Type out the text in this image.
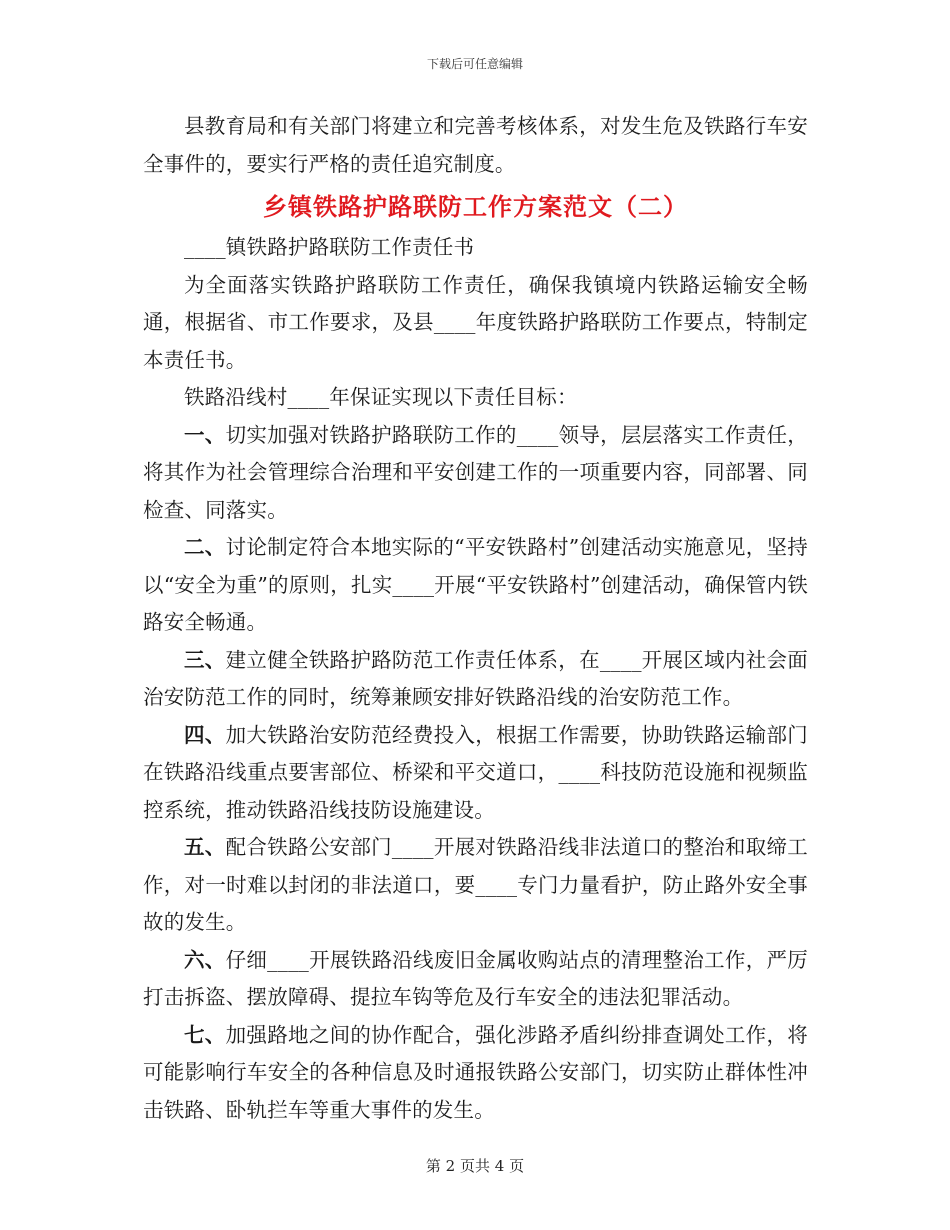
下载后可任意编辑

县教育局和有关部门将建立和完善考核体系，对发生危及铁路行车安全事件的，要实行严格的责任追究制度。

乡镇铁路护路联防工作方案范文（二）

____镇铁路护路联防工作责任书

为全面落实铁路护路联防工作责任，确保我镇境内铁路运输安全畅通，根据省、市工作要求，及县____年度铁路护路联防工作要点，特制定本责任书。

铁路沿线村____年保证实现以下责任目标：

一、切实加强对铁路护路联防工作的____领导，层层落实工作责任，将其作为社会管理综合治理和平安创建工作的一项重要内容，同部署、同检查、同落实。

二、讨论制定符合本地实际的“平安铁路村”创建活动实施意见，坚持以“安全为重”的原则，扎实____开展“平安铁路村”创建活动，确保管内铁路安全畅通。

三、建立健全铁路护路防范工作责任体系，在____开展区域内社会面治安防范工作的同时，统筹兼顾安排好铁路沿线的治安防范工作。

四、加大铁路治安防范经费投入，根据工作需要，协助铁路运输部门在铁路沿线重点要害部位、桥梁和平交道口，____科技防范设施和视频监控系统，推动铁路沿线技防设施建设。

五、配合铁路公安部门____开展对铁路沿线非法道口的整治和取缔工作，对一时难以封闭的非法道口，要____专门力量看护，防止路外安全事故的发生。

六、仔细____开展铁路沿线废旧金属收购站点的清理整治工作，严厉打击拆盗、摆放障碍、提拉车钩等危及行车安全的违法犯罪活动。

七、加强路地之间的协作配合，强化涉路矛盾纠纷排查调处工作，将可能影响行车安全的各种信息及时通报铁路公安部门，切实防止群体性冲击铁路、卧轨拦车等重大事件的发生。

第 2 页共 4 页
